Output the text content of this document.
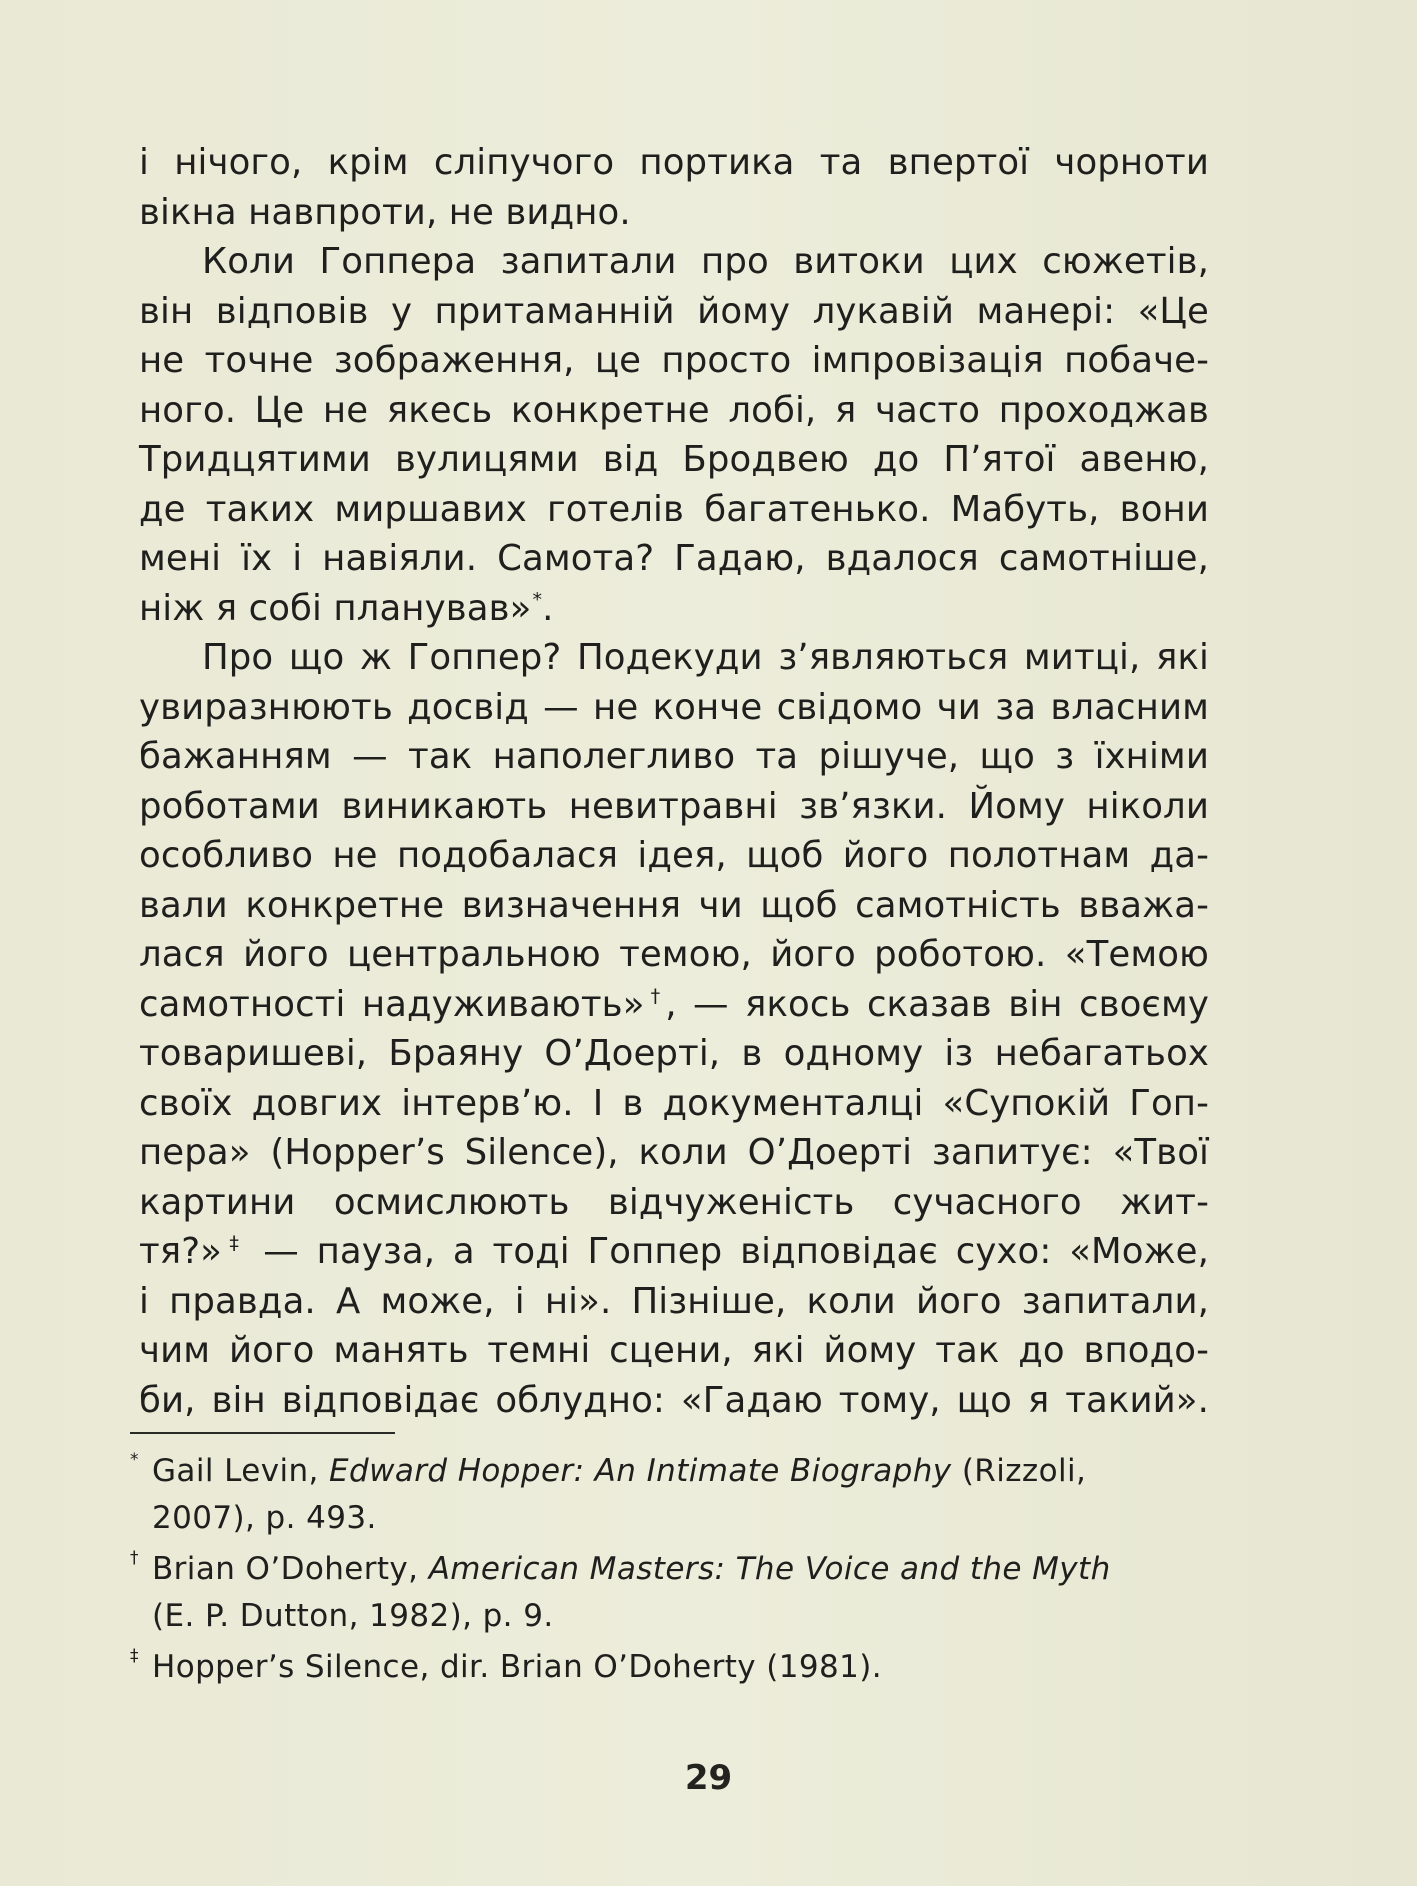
і нічого, крім сліпучого портика та впертої чорноти
вікна навпроти, не видно.
Коли Гоппера запитали про витоки цих сюжетів,
він відповів у притаманній йому лукавій манері: «Це
не точне зображення, це просто імпровізація побаче-
ного. Це не якесь конкретне лобі, я часто проходжав
Тридцятими вулицями від Бродвею до П’ятої авеню,
де таких миршавих готелів багатенько. Мабуть, вони
мені їх і навіяли. Самота? Гадаю, вдалося самотніше,
ніж я собі планував»*.
Про що ж Гоппер? Подекуди з’являються митці, які
увиразнюють досвід — не конче свідомо чи за власним
бажанням — так наполегливо та рішуче, що з їхніми
роботами виникають невитравні зв’язки. Йому ніколи
особливо не подобалася ідея, щоб його полотнам да-
вали конкретне визначення чи щоб самотність вважа-
лася його центральною темою, його роботою. «Темою
самотності надуживають»†, — якось сказав він своєму
товаришеві, Браяну О’Доерті, в одному із небагатьох
своїх довгих інтерв’ю. І в документалці «Супокій Гоп-
пера» (Hopper’s Silence), коли О’Доерті запитує: «Твої
картини осмислюють відчуженість сучасного жит-
тя?»‡ — пауза, а тоді Гоппер відповідає сухо: «Може,
і правда. А може, і ні». Пізніше, коли його запитали,
чим його манять темні сцени, які йому так до вподо-
би, він відповідає облудно: «Гадаю тому, що я такий».
* Gail Levin, Edward Hopper: An Intimate Biography (Rizzoli,
2007), p. 493.
† Brian O’Doherty, American Masters: The Voice and the Myth
(E. P. Dutton, 1982), p. 9.
‡ Hopper’s Silence, dir. Brian O’Doherty (1981).
29
